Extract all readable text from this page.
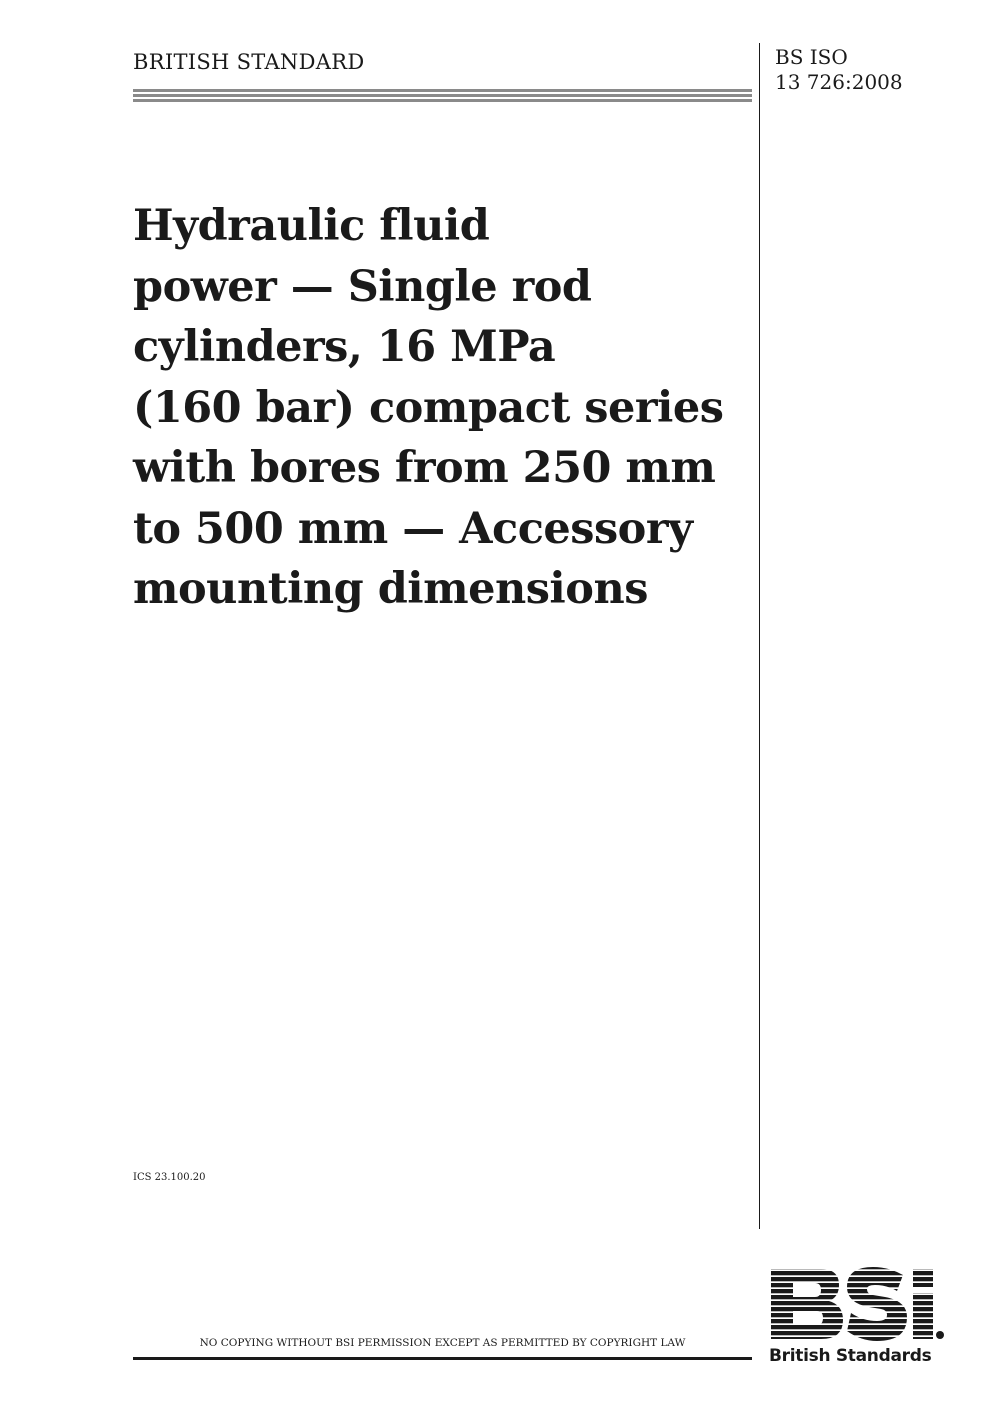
BRITISH STANDARD	BS ISO
13 726:2008
Hydraulic fluid
power — Single rod
cylinders, 16 MPa
(160 bar) compact series
with bores from 250 mm
to 500 mm — Accessory
mounting dimensions
ICS 23.100.20
British Standards
NO COPYING WITHOUT BSI PERMISSION EXCEPT AS PERMITTED BY COPYRIGHT LAW
